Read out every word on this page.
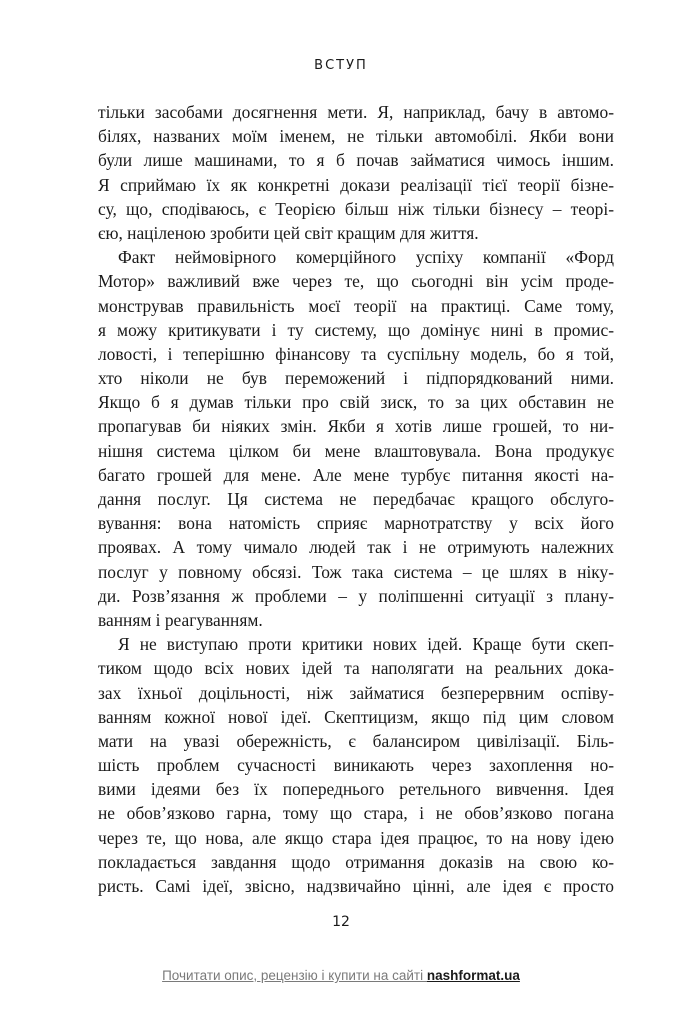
ВСТУП
тільки засобами досягнення мети. Я, наприклад, бачу в автомо-
білях, названих моїм іменем, не тільки автомобілі. Якби вони
були лише машинами, то я б почав займатися чимось іншим.
Я сприймаю їх як конкретні докази реалізації тієї теорії бізне-
су, що, сподіваюсь, є Теорією більш ніж тільки бізнесу – теорі-
єю, націленою зробити цей світ кращим для життя.
Факт неймовірного комерційного успіху компанії «Форд
Мотор» важливий вже через те, що сьогодні він усім проде-
монстрував правильність моєї теорії на практиці. Саме тому,
я можу критикувати і ту систему, що домінує нині в промис-
ловості, і теперішню фінансову та суспільну модель, бо я той,
хто ніколи не був переможений і підпорядкований ними.
Якщо б я думав тільки про свій зиск, то за цих обставин не
пропагував би ніяких змін. Якби я хотів лише грошей, то ни-
нішня система цілком би мене влаштовувала. Вона продукує
багато грошей для мене. Але мене турбує питання якості на-
дання послуг. Ця система не передбачає кращого обслуго-
вування: вона натомість сприяє марнотратству у всіх його
проявах. А тому чимало людей так і не отримують належних
послуг у повному обсязі. Тож така система – це шлях в ніку-
ди. Розв’язання ж проблеми – у поліпшенні ситуації з плану-
ванням і реагуванням.
Я не виступаю проти критики нових ідей. Краще бути скеп-
тиком щодо всіх нових ідей та наполягати на реальних дока-
зах їхньої доцільності, ніж займатися безперервним оспіву-
ванням кожної нової ідеї. Скептицизм, якщо під цим словом
мати на увазі обережність, є балансиром цивілізації. Біль-
шість проблем сучасності виникають через захоплення но-
вими ідеями без їх попереднього ретельного вивчення. Ідея
не обов’язково гарна, тому що стара, і не обов’язково погана
через те, що нова, але якщо стара ідея працює, то на нову ідею
покладається завдання щодо отримання доказів на свою ко-
ристь. Самі ідеї, звісно, надзвичайно цінні, але ідея є просто
12
Почитати опис, рецензію і купити на сайті nashformat.ua
